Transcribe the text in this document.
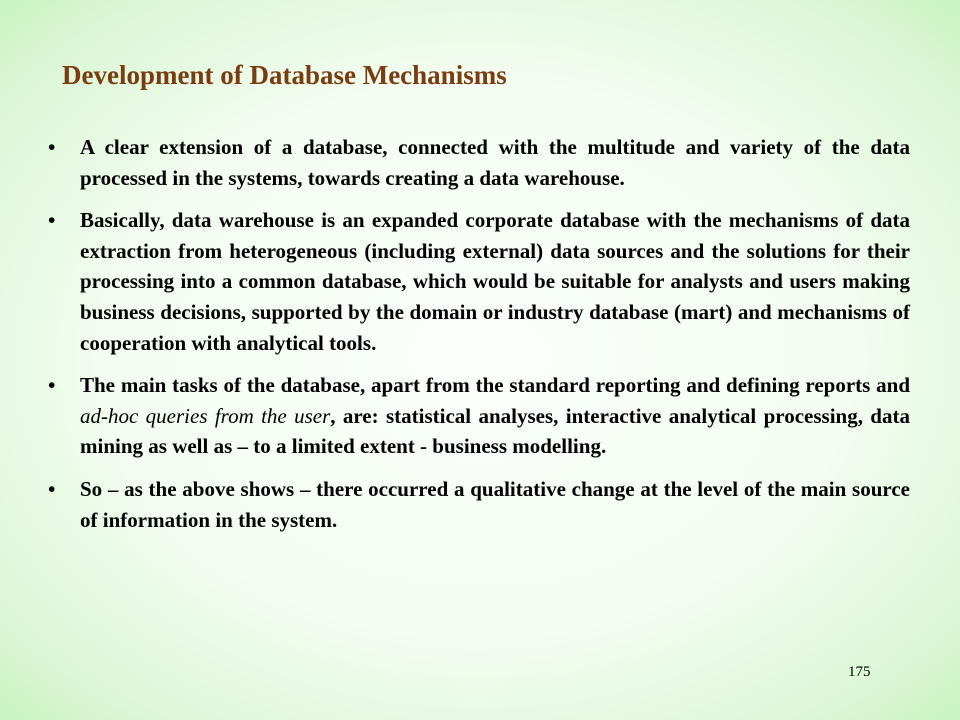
Development of Database Mechanisms
• A clear extension of a database, connected with the multitude and variety of the data processed in the systems, towards creating a data warehouse.
• Basically, data warehouse is an expanded corporate database with the mechanisms of data extraction from heterogeneous (including external) data sources and the solutions for their processing into a common database, which would be suitable for analysts and users making business decisions, supported by the domain or industry database (mart) and mechanisms of cooperation with analytical tools.
• The main tasks of the database, apart from the standard reporting and defining reports and ad-hoc queries from the user, are: statistical analyses, interactive analytical processing, data mining as well as – to a limited extent - business modelling.
• So – as the above shows – there occurred a qualitative change at the level of the main source of information in the system.
175
